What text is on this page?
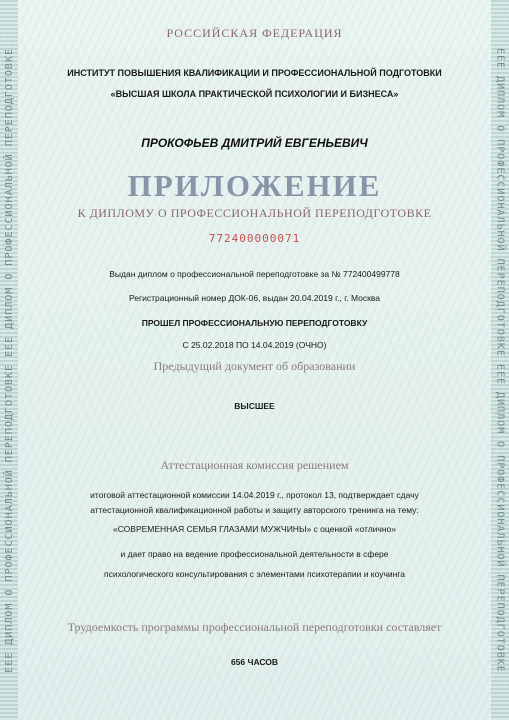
ЕЕЕ ДИПЛОМ О ПРОФЕССИОНАЛЬНОЙ ПЕРЕПОДГОТОВКЕ ЕЕЕ ДИПЛОМ О ПРОФЕССИОНАЛЬНОЙ ПЕРЕПОДГОТОВКЕ	ЕЕЕ ДИПЛОМ О ПРОФЕССИОНАЛЬНОЙ ПЕРЕПОДГОТОВКЕ ЕЕЕ ДИПЛОМ О ПРОФЕССИОНАЛЬНОЙ ПЕРЕПОДГОТОВКЕ
РОССИЙСКАЯ ФЕДЕРАЦИЯ
ИНСТИТУТ ПОВЫШЕНИЯ КВАЛИФИКАЦИИ И ПРОФЕССИОНАЛЬНОЙ ПОДГОТОВКИ
«ВЫСШАЯ ШКОЛА ПРАКТИЧЕСКОЙ ПСИХОЛОГИИ И БИЗНЕСА»
ПРОКОФЬЕВ ДМИТРИЙ ЕВГЕНЬЕВИЧ
ПРИЛОЖЕНИЕ
К ДИПЛОМУ О ПРОФЕССИОНАЛЬНОЙ ПЕРЕПОДГОТОВКЕ
772400000071
Выдан диплом о профессиональной переподготовке за № 772400499778
Регистрационный номер ДОК-06, выдан 20.04.2019 г., г. Москва
ПРОШЕЛ ПРОФЕССИОНАЛЬНУЮ ПЕРЕПОДГОТОВКУ
С 25.02.2018 ПО 14.04.2019 (ОЧНО)
Предыдущий документ об образовании
ВЫСШЕЕ
Аттестационная комиссия решением
итоговой аттестационной комиссии 14.04.2019 г., протокол 13, подтверждает сдачу
аттестационной квалификационной работы и защиту авторского тренинга на тему:
«СОВРЕМЕННАЯ СЕМЬЯ ГЛАЗАМИ МУЖЧИНЫ» с оценкой «отлично»
и дает право на ведение профессиональной деятельности в сфере
психологического консультирования с элементами психотерапии и коучинга
Трудоемкость программы профессиональной переподготовки составляет
656 ЧАСОВ
